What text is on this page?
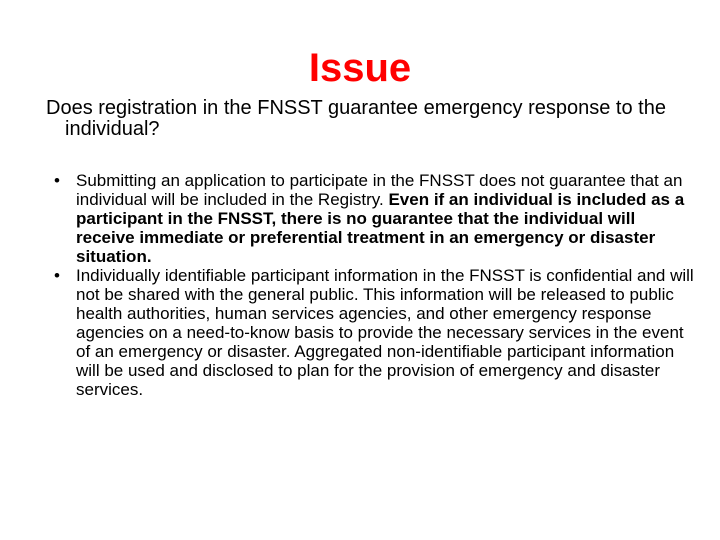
Issue
Does registration in the FNSST guarantee emergency response to the individual?
• Submitting an application to participate in the FNSST does not guarantee that an individual will be included in the Registry. Even if an individual is included as a participant in the FNSST, there is no guarantee that the individual will receive immediate or preferential treatment in an emergency or disaster situation.
• Individually identifiable participant information in the FNSST is confidential and will not be shared with the general public. This information will be released to public health authorities, human services agencies, and other emergency response agencies on a need-to-know basis to provide the necessary services in the event of an emergency or disaster. Aggregated non-identifiable participant information will be used and disclosed to plan for the provision of emergency and disaster services.
